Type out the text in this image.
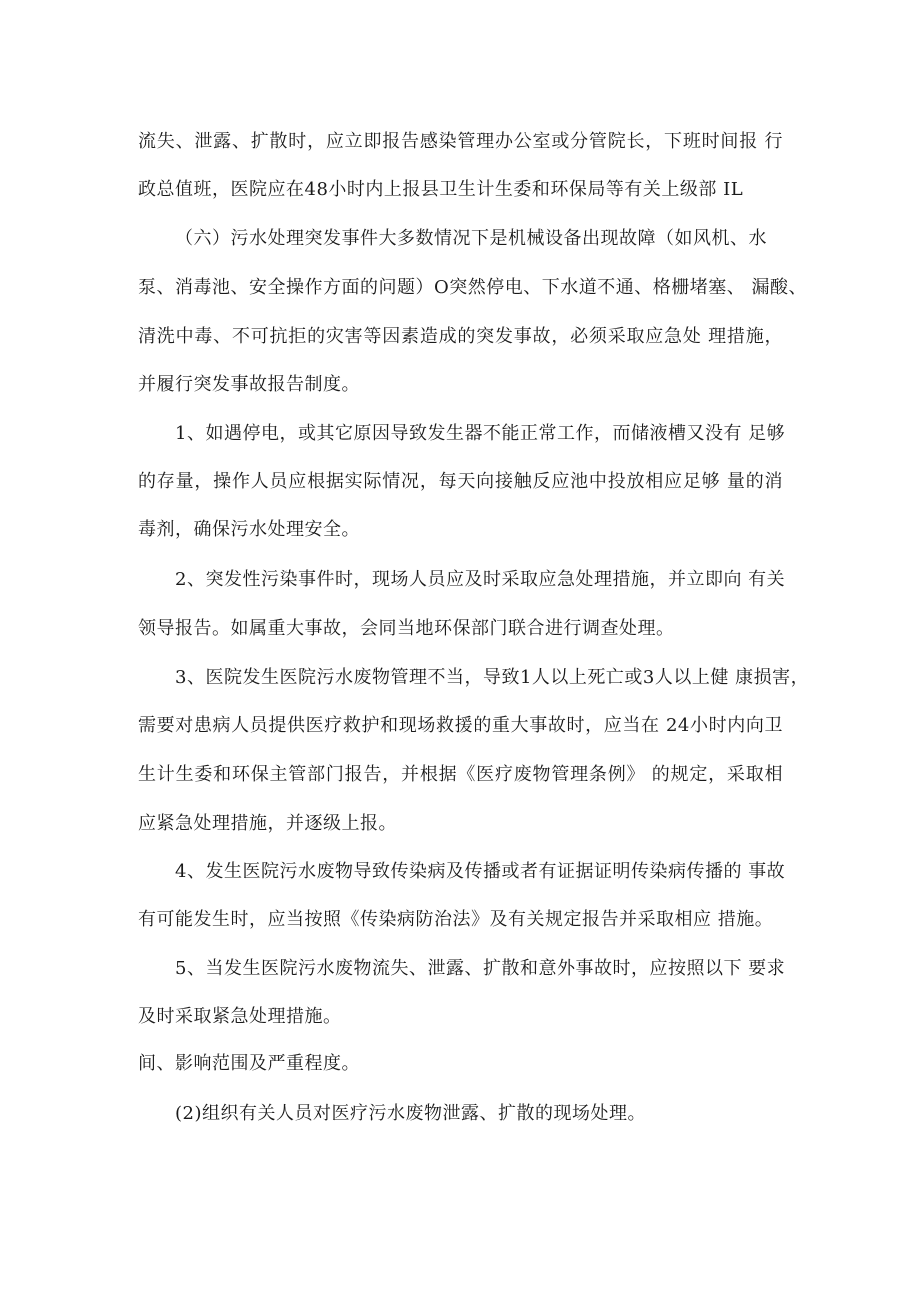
流失、泄露、扩散时，应立即报告感染管理办公室或分管院长，下班时间报 行
政总值班，医院应在48小时内上报县卫生计生委和环保局等有关上级部 IL
（六）污水处理突发事件大多数情况下是机械设备出现故障（如风机、水
泵、消毒池、安全操作方面的问题）O突然停电、下水道不通、格栅堵塞、 漏酸、
清洗中毒、不可抗拒的灾害等因素造成的突发事故，必须采取应急处 理措施，
并履行突发事故报告制度。
1、如遇停电，或其它原因导致发生器不能正常工作，而储液槽又没有 足够
的存量，操作人员应根据实际情况，每天向接触反应池中投放相应足够 量的消
毒剂，确保污水处理安全。
2、突发性污染事件时，现场人员应及时采取应急处理措施，并立即向 有关
领导报告。如属重大事故，会同当地环保部门联合进行调查处理。
3、医院发生医院污水废物管理不当，导致1人以上死亡或3人以上健 康损害，
需要对患病人员提供医疗救护和现场救援的重大事故时，应当在 24小时内向卫
生计生委和环保主管部门报告，并根据《医疗废物管理条例》 的规定，采取相
应紧急处理措施，并逐级上报。
4、发生医院污水废物导致传染病及传播或者有证据证明传染病传播的 事故
有可能发生时，应当按照《传染病防治法》及有关规定报告并采取相应 措施。
5、当发生医院污水废物流失、泄露、扩散和意外事故时，应按照以下 要求
及时采取紧急处理措施。
间、影响范围及严重程度。
(2)组织有关人员对医疗污水废物泄露、扩散的现场处理。
